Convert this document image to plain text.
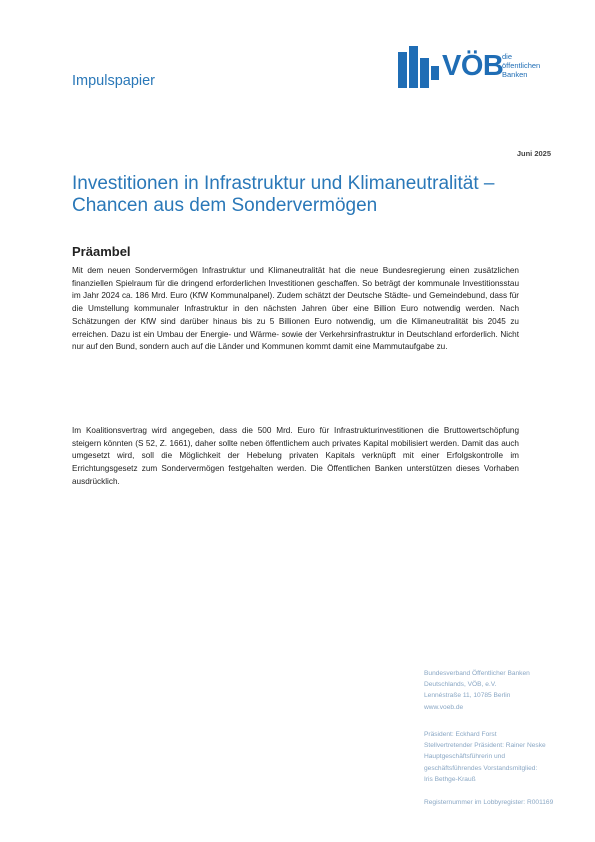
Impulspapier	VÖB
die
öffentlichen
Banken
Juni 2025
Investitionen in Infrastruktur und Klimaneutralität –
Chancen aus dem Sondervermögen
Präambel

Mit dem neuen Sondervermögen Infrastruktur und Klimaneutralität hat die neue Bundesregierung einen zusätzlichen finanziellen Spielraum für die dringend erforderlichen Investitionen geschaffen. So beträgt der kommunale Investitionsstau im Jahr 2024 ca. 186 Mrd. Euro (KfW Kommunalpanel). Zudem schätzt der Deutsche Städte- und Gemeindebund, dass für die Umstellung kommunaler Infrastruktur in den nächsten Jahren über eine Billion Euro notwendig werden. Nach Schätzungen der KfW sind darüber hinaus bis zu 5 Billionen Euro notwendig, um die Klimaneutralität bis 2045 zu erreichen. Dazu ist ein Umbau der Energie- und Wärme- sowie der Verkehrsinfrastruktur in Deutschland erforderlich. Nicht nur auf den Bund, sondern auch auf die Länder und Kommunen kommt damit eine Mammutaufgabe zu.

Im Koalitionsvertrag wird angegeben, dass die 500 Mrd. Euro für Infrastrukturinvestitionen die Bruttowertschöpfung steigern könnten (S 52, Z. 1661), daher sollte neben öffentlichem auch privates Kapital mobilisiert werden. Damit das auch umgesetzt wird, soll die Möglichkeit der Hebelung privaten Kapitals verknüpft mit einer Erfolgskontrolle im Errichtungsgesetz zum Sondervermögen festgehalten werden. Die Öffentlichen Banken unterstützen dieses Vorhaben ausdrücklich.

Bundesverband Öffentlicher Banken
Deutschlands, VÖB, e.V.
Lennéstraße 11, 10785 Berlin
www.voeb.de
Präsident: Eckhard Forst
Stellvertretender Präsident: Rainer Neske
Hauptgeschäftsführerin und
geschäftsführendes Vorstandsmitglied:
Iris Bethge-Krauß
Registernummer im Lobbyregister: R001169
